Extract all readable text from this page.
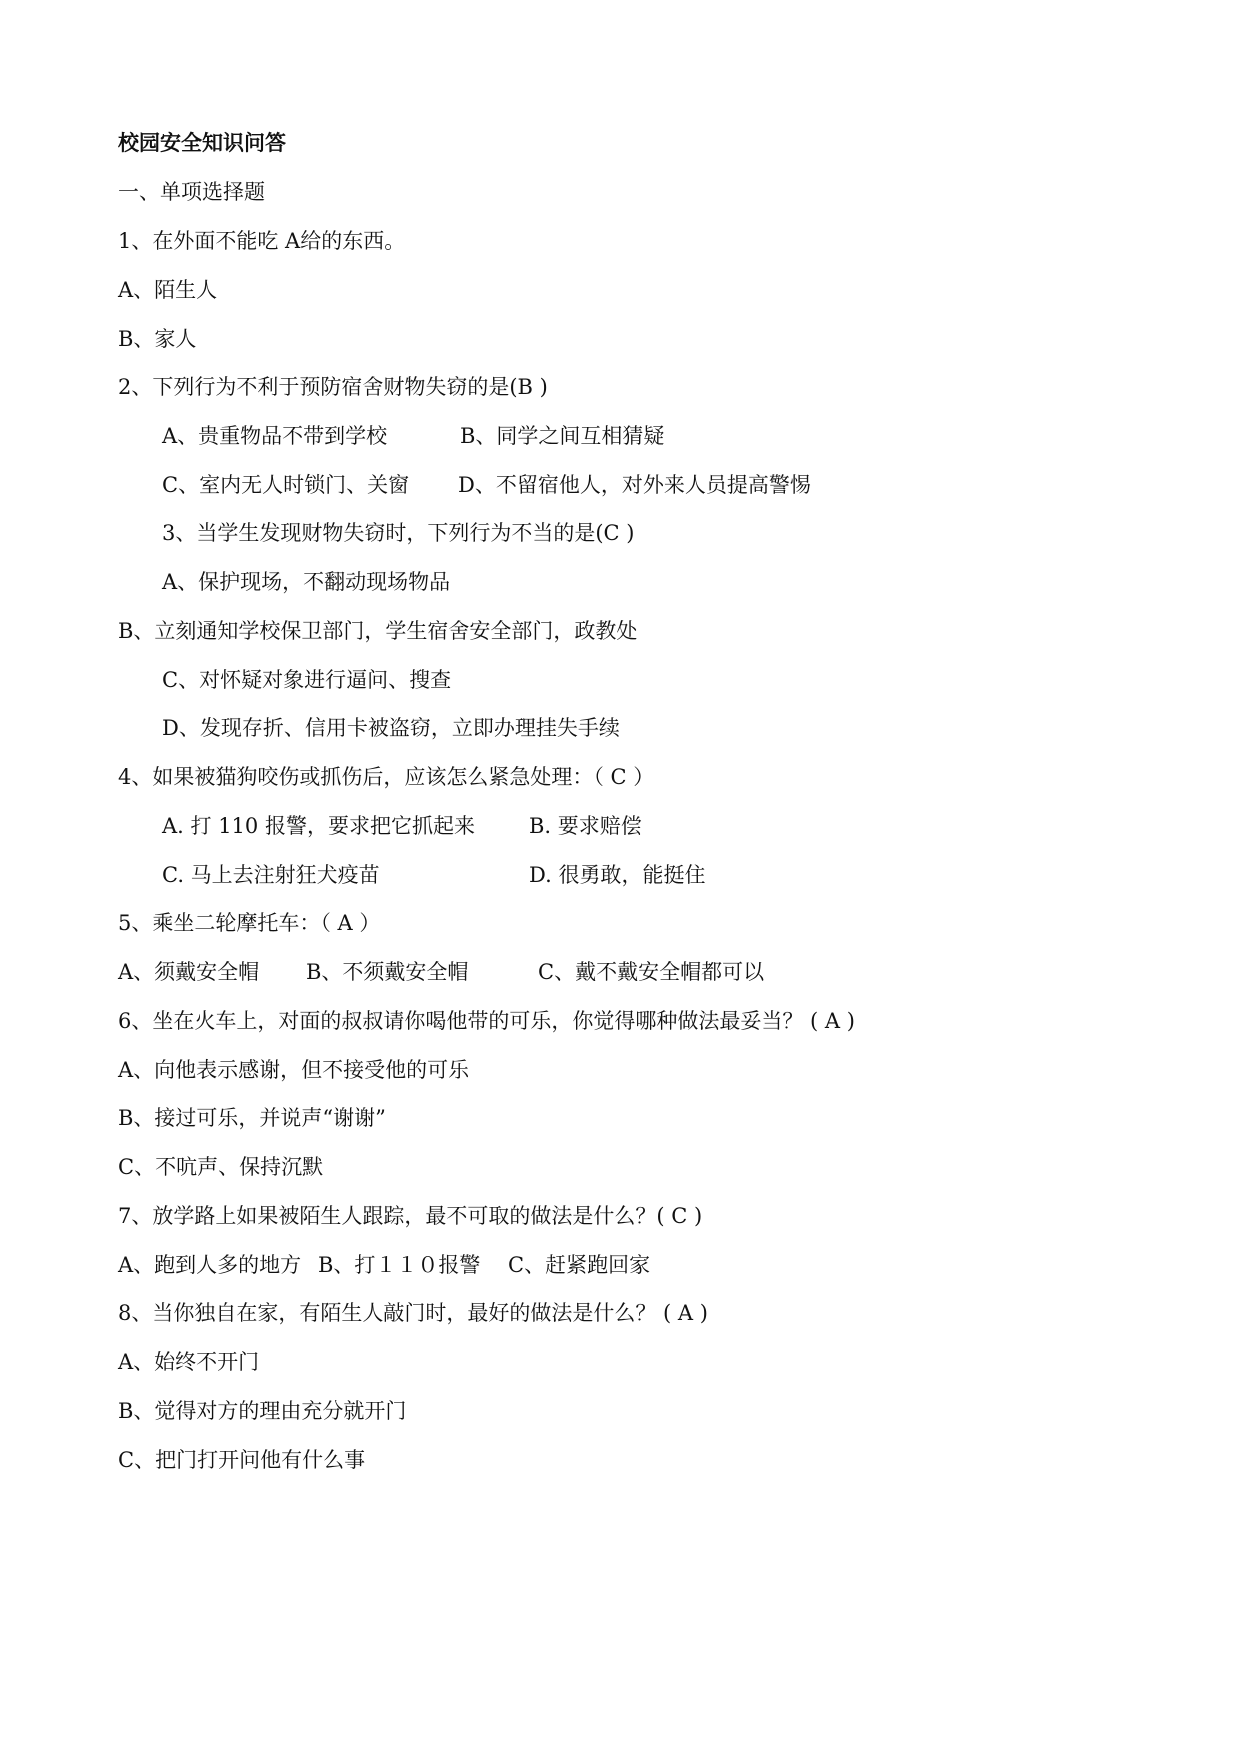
校园安全知识问答
一、单项选择题
1、在外面不能吃 A给的东西。
A、陌生人
B、家人
2、下列行为不利于预防宿舍财物失窃的是(B )
A、贵重物品不带到学校	B、同学之间互相猜疑
C、室内无人时锁门、关窗 D、不留宿他人，对外来人员提高警惕
3、当学生发现财物失窃时，下列行为不当的是(C )
A、保护现场，不翻动现场物品
B、立刻通知学校保卫部门，学生宿舍安全部门，政教处
C、对怀疑对象进行逼问、搜查
D、发现存折、信用卡被盗窃，立即办理挂失手续
4、如果被猫狗咬伤或抓伤后，应该怎么紧急处理：（ C ）
A. 打 110 报警，要求把它抓起来	B. 要求赔偿
C. 马上去注射狂犬疫苗	D. 很勇敢，能挺住
5、乘坐二轮摩托车：（ A ）
A、须戴安全帽 B、不须戴安全帽	C、戴不戴安全帽都可以
6、坐在火车上，对面的叔叔请你喝他带的可乐，你觉得哪种做法最妥当？ ( A )
A、向他表示感谢，但不接受他的可乐
B、接过可乐，并说声“谢谢”
C、不吭声、保持沉默
7、放学路上如果被陌生人跟踪，最不可取的做法是什么？( C )
A、跑到人多的地方 B、打１１０报警 C、赶紧跑回家
8、当你独自在家，有陌生人敲门时，最好的做法是什么？ ( A )
A、始终不开门
B、觉得对方的理由充分就开门
C、把门打开问他有什么事
